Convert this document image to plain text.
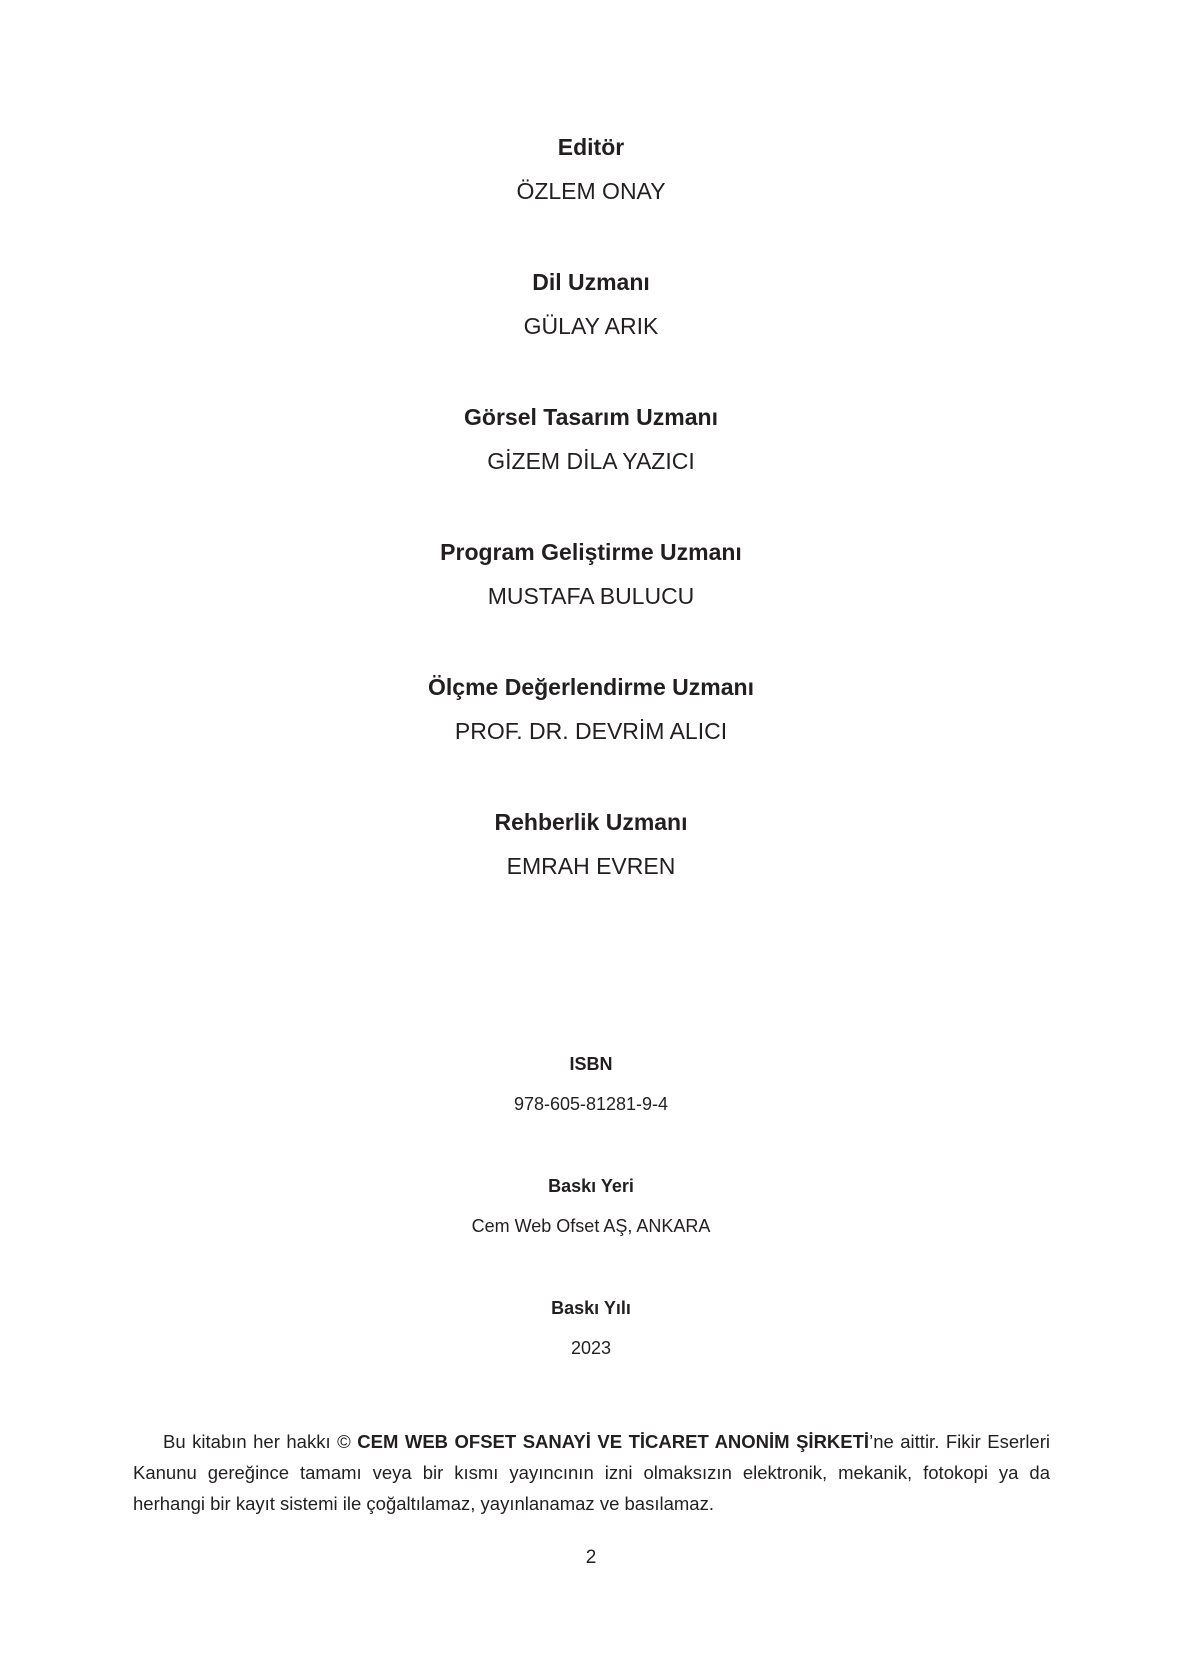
Editör
ÖZLEM ONAY
Dil Uzmanı
GÜLAY ARIK
Görsel Tasarım Uzmanı
GİZEM DİLA YAZICI
Program Geliştirme Uzmanı
MUSTAFA BULUCU
Ölçme Değerlendirme Uzmanı
PROF. DR. DEVRİM ALICI
Rehberlik Uzmanı
EMRAH EVREN
ISBN
978-605-81281-9-4
Baskı Yeri
Cem Web Ofset AŞ, ANKARA
Baskı Yılı
2023

Bu kitabın her hakkı © CEM WEB OFSET SANAYİ VE TİCARET ANONİM ŞİRKETİ’ne aittir. Fikir Eserleri Kanunu gereğince tamamı veya bir kısmı yayıncının izni olmaksızın elektronik, mekanik, fotokopi ya da herhangi bir kayıt sistemi ile çoğaltılamaz, yayınlanamaz ve basılamaz.

2
